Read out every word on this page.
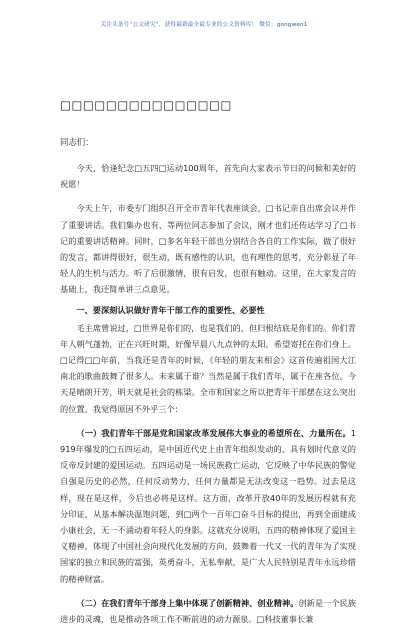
关注头条号“公文研究”，获得最新最全最专业的公文资料库！ 微信：gongwen1
□□□□□□□□□□□□□□□
同志们：

今天，恰逢纪念□五四□运动100周年，首先向大家表示节日的问候和美好的祝愿！

今天上午，市委专门组织召开全市青年代表座谈会，□书记亲自出席会议并作了重要讲话。我们集办也有、等两位同志参加了会议，刚才也们还传达学习了□书记的重要讲话精神。同时，□多名年轻干部也分别结合各自的工作实际，做了很好的发言，都讲得很好，很生动，既有感性的认识，也有理性的思考，充分彰显了年轻人的生机与活力。听了后很激情，很有启发，也很有触动。这里，在大家发言的基础上，我还简单讲三点意见。

一、要深刻认识做好青年干部工作的重要性、必要性

毛主席曾说过，□世界是你们的，也是我们的，但归根结底是你们的。你们青年人朝气蓬勃，正在兴旺时期，好像早晨八九点钟的太阳，希望寄托在你们身上。□记得□□年前，当我还是青年的时候，《年轻的朋友来相会》这首传遍祖国大江南北的歌曲鼓舞了很多人。未来属于谁？当然是属于我们青年，属于在座各位。今天是晴朗开芳，明天就是社会的栋梁。全市和国家之所以把青年干部摆在这么突出的位置，我觉得原因不外乎三个：

（一）我们青年干部是党和国家改革发展伟大事业的希望所在、力量所在。1919年爆发的□五四运动，是中国近代史上由青年组织发动的、具有划时代意义的反帝反封建的爱国运动。五四运动是一场民族救亡运动，它反映了中华民族的警觉自强是历史的必然，任何反动势力，任何力量都是无法改变这一趋势。过去是这样，现在是这样，今后也必将是这样。这方面，改革开放40年的发展历程就有充分印证，从基本解决温饱问题，到□两个一百年□奋斗目标的提出，再到全面建成小康社会，无一不涌动着年轻人的身影。这就充分说明，五四的精神体现了爱国主义精神，体现了中国社会向现代化发展的方向，鼓舞着一代又一代的青年为了实现国家的独立和民族的富强，英勇奋斗，无私奉献，是广大人民特别是青年永远珍惜的精神财富。

（二）在我们青年干部身上集中体现了创新精神、创业精神。创新是一个民族进步的灵魂，也是推动各项工作不断前进的动力源泉。□科技董事长兼
